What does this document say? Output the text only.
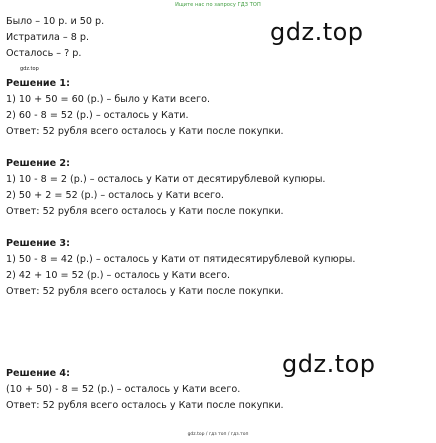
Ищите нас по запросу ГДЗ ТОП
Было – 10 р. и 50 р.
Истратила – 8 р.
Осталось – ? р.
gdz.top
gdz.top
Решение 1:
1) 10 + 50 = 60 (р.) – было у Кати всего.
2) 60 - 8 = 52 (р.) – осталось у Кати.
Ответ: 52 рубля всего осталось у Кати после покупки.
Решение 2:
1) 10 - 8 = 2 (р.) – осталось у Кати от десятирублевой купюры.
2) 50 + 2 = 52 (р.) – осталось у Кати всего.
Ответ: 52 рубля всего осталось у Кати после покупки.
Решение 3:
1) 50 - 8 = 42 (р.) – осталось у Кати от пятидесятирублевой купюры.
2) 42 + 10 = 52 (р.) – осталось у Кати всего.
Ответ: 52 рубля всего осталось у Кати после покупки.
gdz.top
Решение 4:
(10 + 50) - 8 = 52 (р.) – осталось у Кати всего.
Ответ: 52 рубля всего осталось у Кати после покупки.
gdz.top / гдз топ / гдз.топ
